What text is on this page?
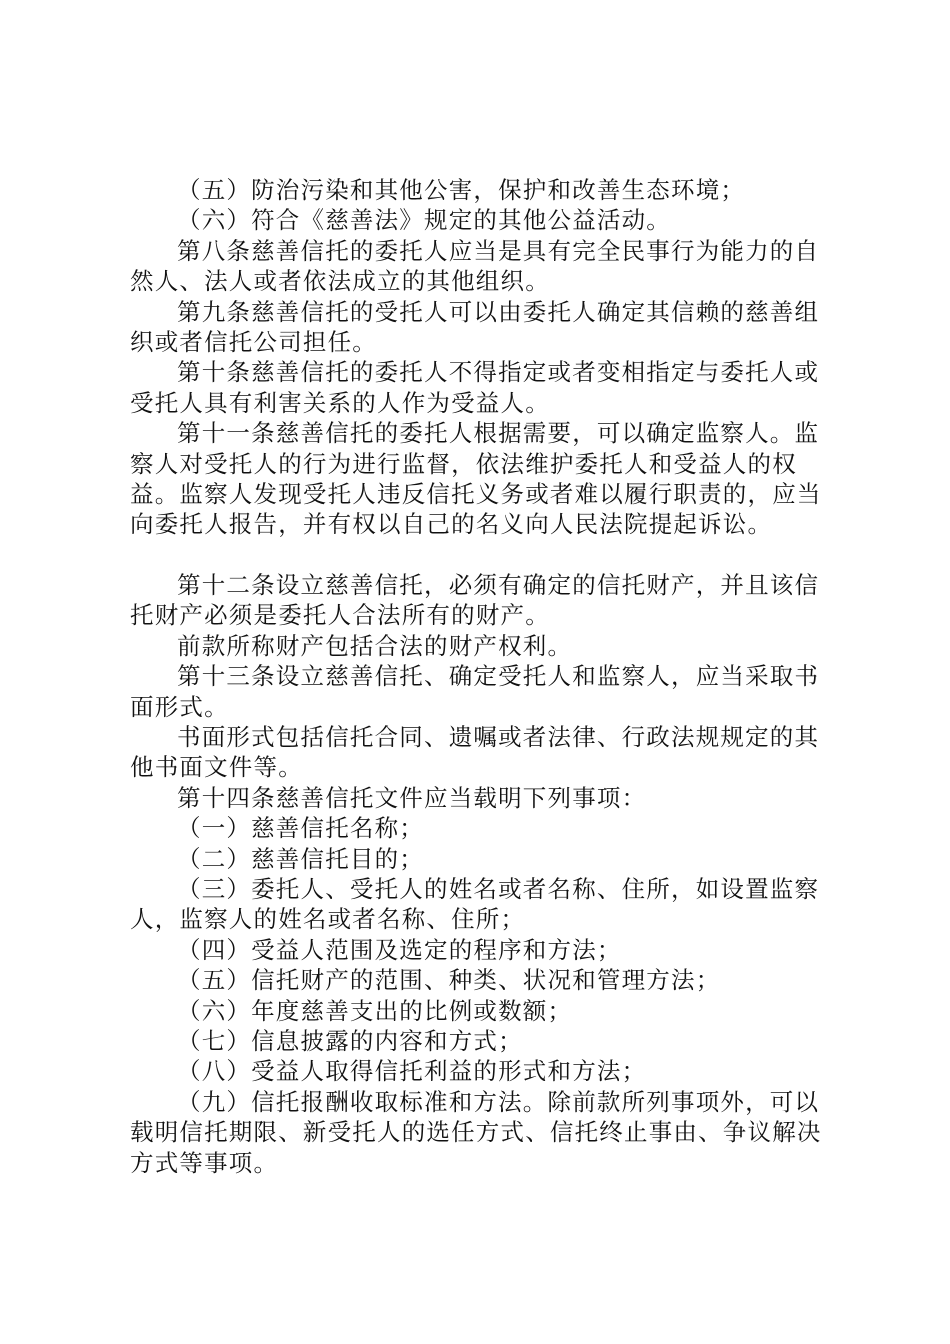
（五）防治污染和其他公害，保护和改善生态环境；

（六）符合《慈善法》规定的其他公益活动。

第八条慈善信托的委托人应当是具有完全民事行为能力的自然人、法人或者依法成立的其他组织。

第九条慈善信托的受托人可以由委托人确定其信赖的慈善组织或者信托公司担任。

第十条慈善信托的委托人不得指定或者变相指定与委托人或受托人具有利害关系的人作为受益人。

第十一条慈善信托的委托人根据需要，可以确定监察人。监察人对受托人的行为进行监督，依法维护委托人和受益人的权益。监察人发现受托人违反信托义务或者难以履行职责的，应当向委托人报告，并有权以自己的名义向人民法院提起诉讼。

第十二条设立慈善信托，必须有确定的信托财产，并且该信托财产必须是委托人合法所有的财产。

前款所称财产包括合法的财产权利。

第十三条设立慈善信托、确定受托人和监察人，应当采取书面形式。

书面形式包括信托合同、遗嘱或者法律、行政法规规定的其他书面文件等。

第十四条慈善信托文件应当载明下列事项：

（一）慈善信托名称；

（二）慈善信托目的；

（三）委托人、受托人的姓名或者名称、住所，如设置监察人，监察人的姓名或者名称、住所；

（四）受益人范围及选定的程序和方法；

（五）信托财产的范围、种类、状况和管理方法；

（六）年度慈善支出的比例或数额；

（七）信息披露的内容和方式；

（八）受益人取得信托利益的形式和方法；

（九）信托报酬收取标准和方法。除前款所列事项外，可以载明信托期限、新受托人的选任方式、信托终止事由、争议解决方式等事项。
